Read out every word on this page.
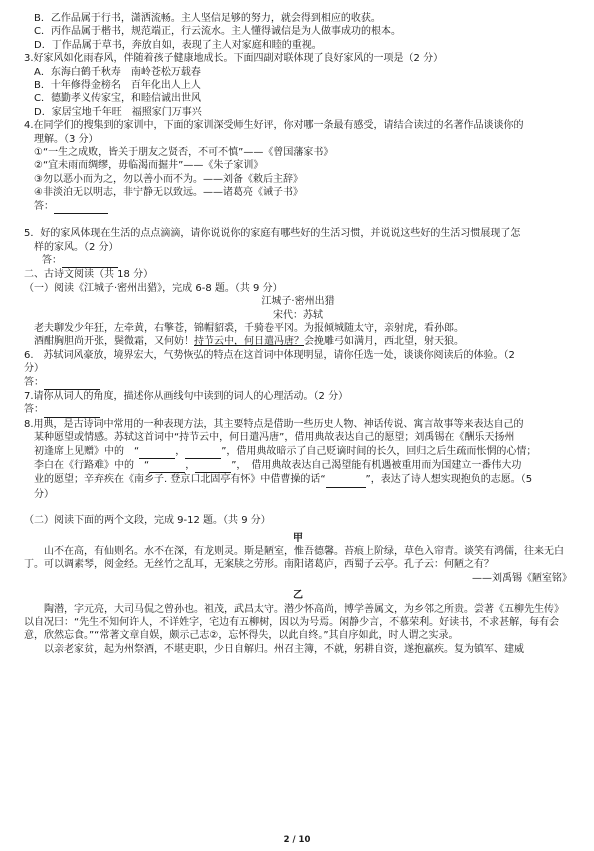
B．乙作品属于行书，潇洒流畅。主人坚信足够的努力，就会得到相应的收获。
C．丙作品属于楷书，规范端正，行云流水。主人懂得诚信是为人做事成功的根本。
D．丁作品属于草书，奔放自如，表现了主人对家庭和睦的重视。
3.好家风如化雨春风，伴随着孩子健康地成长。下面四副对联体现了良好家风的一项是（2 分）
A．东海白鹤千秋寿　南岭苍松万载春
B．十年修得金榜名　百年化出人上人
C．德勤孝义传家宝，和睦信诚出世风
D．家居宝地千年旺　福照家门万事兴
4.在同学们的搜集到的家训中，下面的家训深受师生好评，你对哪一条最有感受，请结合读过的名著作品谈谈你的
理解。（3 分）
①“一生之成败，皆关于朋友之贤否，不可不慎”——《曾国藩家书》
②“宜未雨而绸缪，毋临渴而掘井”——《朱子家训》
③勿以恶小而为之，勿以善小而不为。——刘备《敕后主辞》
④非淡泊无以明志，非宁静无以致远。——诸葛亮《诫子书》
答：
5．好的家风体现在生活的点点滴滴，请你说说你的家庭有哪些好的生活习惯，并说说这些好的生活习惯展现了怎
样的家风。（2 分）
答：
二、古诗文阅读（共 18 分）
（一）阅读《江城子·密州出猎》，完成 6-8 题。（共 9 分）
江城子·密州出猎
宋代：苏轼
老夫聊发少年狂，左牵黄，右擎苍，锦帽貂裘，千骑卷平冈。为报倾城随太守，亲射虎，看孙郎。
酒酣胸胆尚开张，鬓微霜，又何妨！持节云中，何日遣冯唐？会挽雕弓如满月，西北望，射天狼。
6.　苏轼词风豪放，境界宏大，气势恢弘的特点在这首词中体现明显，请你任选一处，谈谈你阅读后的体验。（2
分）
答：
7.请你从词人的角度，描述你从画线句中读到的词人的心理活动。（2 分）
答：
8.用典，是古诗词中常用的一种表现方法，其主要特点是借助一些历史人物、神话传说、寓言故事等来表达自己的
某种愿望或情感。苏轼这首词中“持节云中，何日遣冯唐”，借用典故表达自己的愿望；刘禹锡在《酬乐天扬州
初逢席上见赠》中的　“	，	”，借用典故暗示了自己贬谪时间的长久，回归之后生疏而怅惘的心情；
李白在《行路难》中的　“	，	”，　借用典故表达自己渴望能有机遇被重用而为国建立一番伟大功
业的愿望；辛弃疾在《南乡子. 登京口北固亭有怀》中借曹操的话“	”，表达了诗人想实现抱负的志愿。（5
分）
（二）阅读下面的两个文段，完成 9-12 题。（共 9 分）
甲
山不在高，有仙则名。水不在深，有龙则灵。斯是陋室，惟吾德馨。苔痕上阶绿，草色入帘青。谈笑有鸿儒，往来无白丁。可以调素琴，阅金经。无丝竹之乱耳，无案牍之劳形。南阳诸葛庐，西蜀子云亭。孔子云：何陋之有？
——刘禹锡《陋室铭》
乙
陶潜，字元亮，大司马侃之曾孙也。祖茂，武昌太守。潜少怀高尚，博学善属文，为乡邻之所贵。尝著《五柳先生传》以自况曰：“先生不知何许人，不详姓字，宅边有五柳树，因以为号焉。闲静少言，不慕荣利。好读书，不求甚解，每有会意，欣然忘食。”“常著文章自娱，颇示己志②，忘怀得失，以此自终。”其自序如此，时人谓之实录。
以亲老家贫，起为州祭酒，不堪吏职，少日自解归。州召主簿，不就，躬耕自资，遂抱羸疾。复为镇军、建威
2 / 10
